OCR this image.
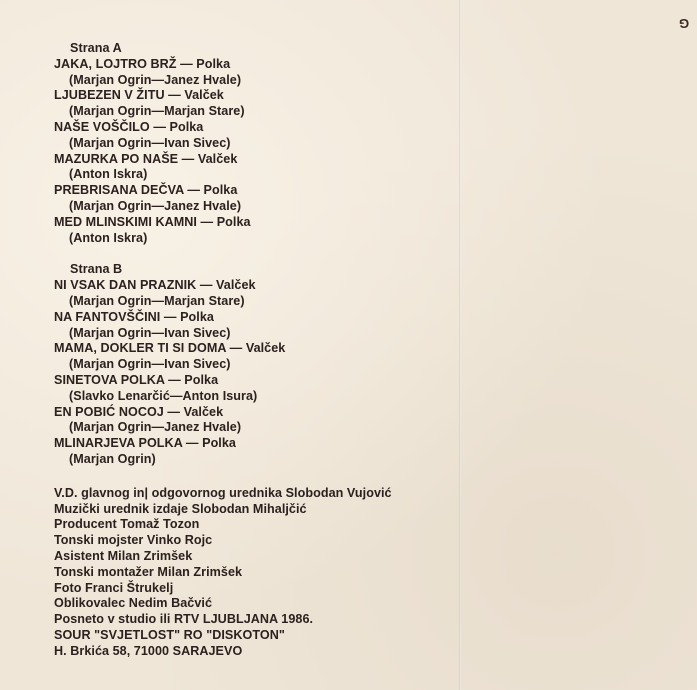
G
Strana A
JAKA, LOJTRO BRŽ — Polka
(Marjan Ogrin—Janez Hvale)
LJUBEZEN V ŽITU — Valček
(Marjan Ogrin—Marjan Stare)
NAŠE VOŠČILO — Polka
(Marjan Ogrin—Ivan Sivec)
MAZURKA PO NAŠE — Valček
(Anton Iskra)
PREBRISANA DEČVA — Polka
(Marjan Ogrin—Janez Hvale)
MED MLINSKIMI KAMNI — Polka
(Anton Iskra)
Strana B
NI VSAK DAN PRAZNIK — Valček
(Marjan Ogrin—Marjan Stare)
NA FANTOVŠČINI — Polka
(Marjan Ogrin—Ivan Sivec)
MAMA, DOKLER TI SI DOMA — Valček
(Marjan Ogrin—Ivan Sivec)
SINETOVA POLKA — Polka
(Slavko Lenarčić—Anton Isura)
EN POBIĆ NOCOJ — Valček
(Marjan Ogrin—Janez Hvale)
MLINARJEVA POLKA — Polka
(Marjan Ogrin)
V.D. glavnog in| odgovornog urednika Slobodan Vujović
Muzički urednik izdaje Slobodan Mihaljčić
Producent Tomaž Tozon
Tonski mojster Vinko Rojc
Asistent Milan Zrimšek
Tonski montažer Milan Zrimšek
Foto Franci Štrukelj
Oblikovalec Nedim Bačvić
Posneto v studio ili RTV LJUBLJANA 1986.
SOUR "SVJETLOST" RO "DISKOTON"
H. Brkića 58, 71000 SARAJEVO
